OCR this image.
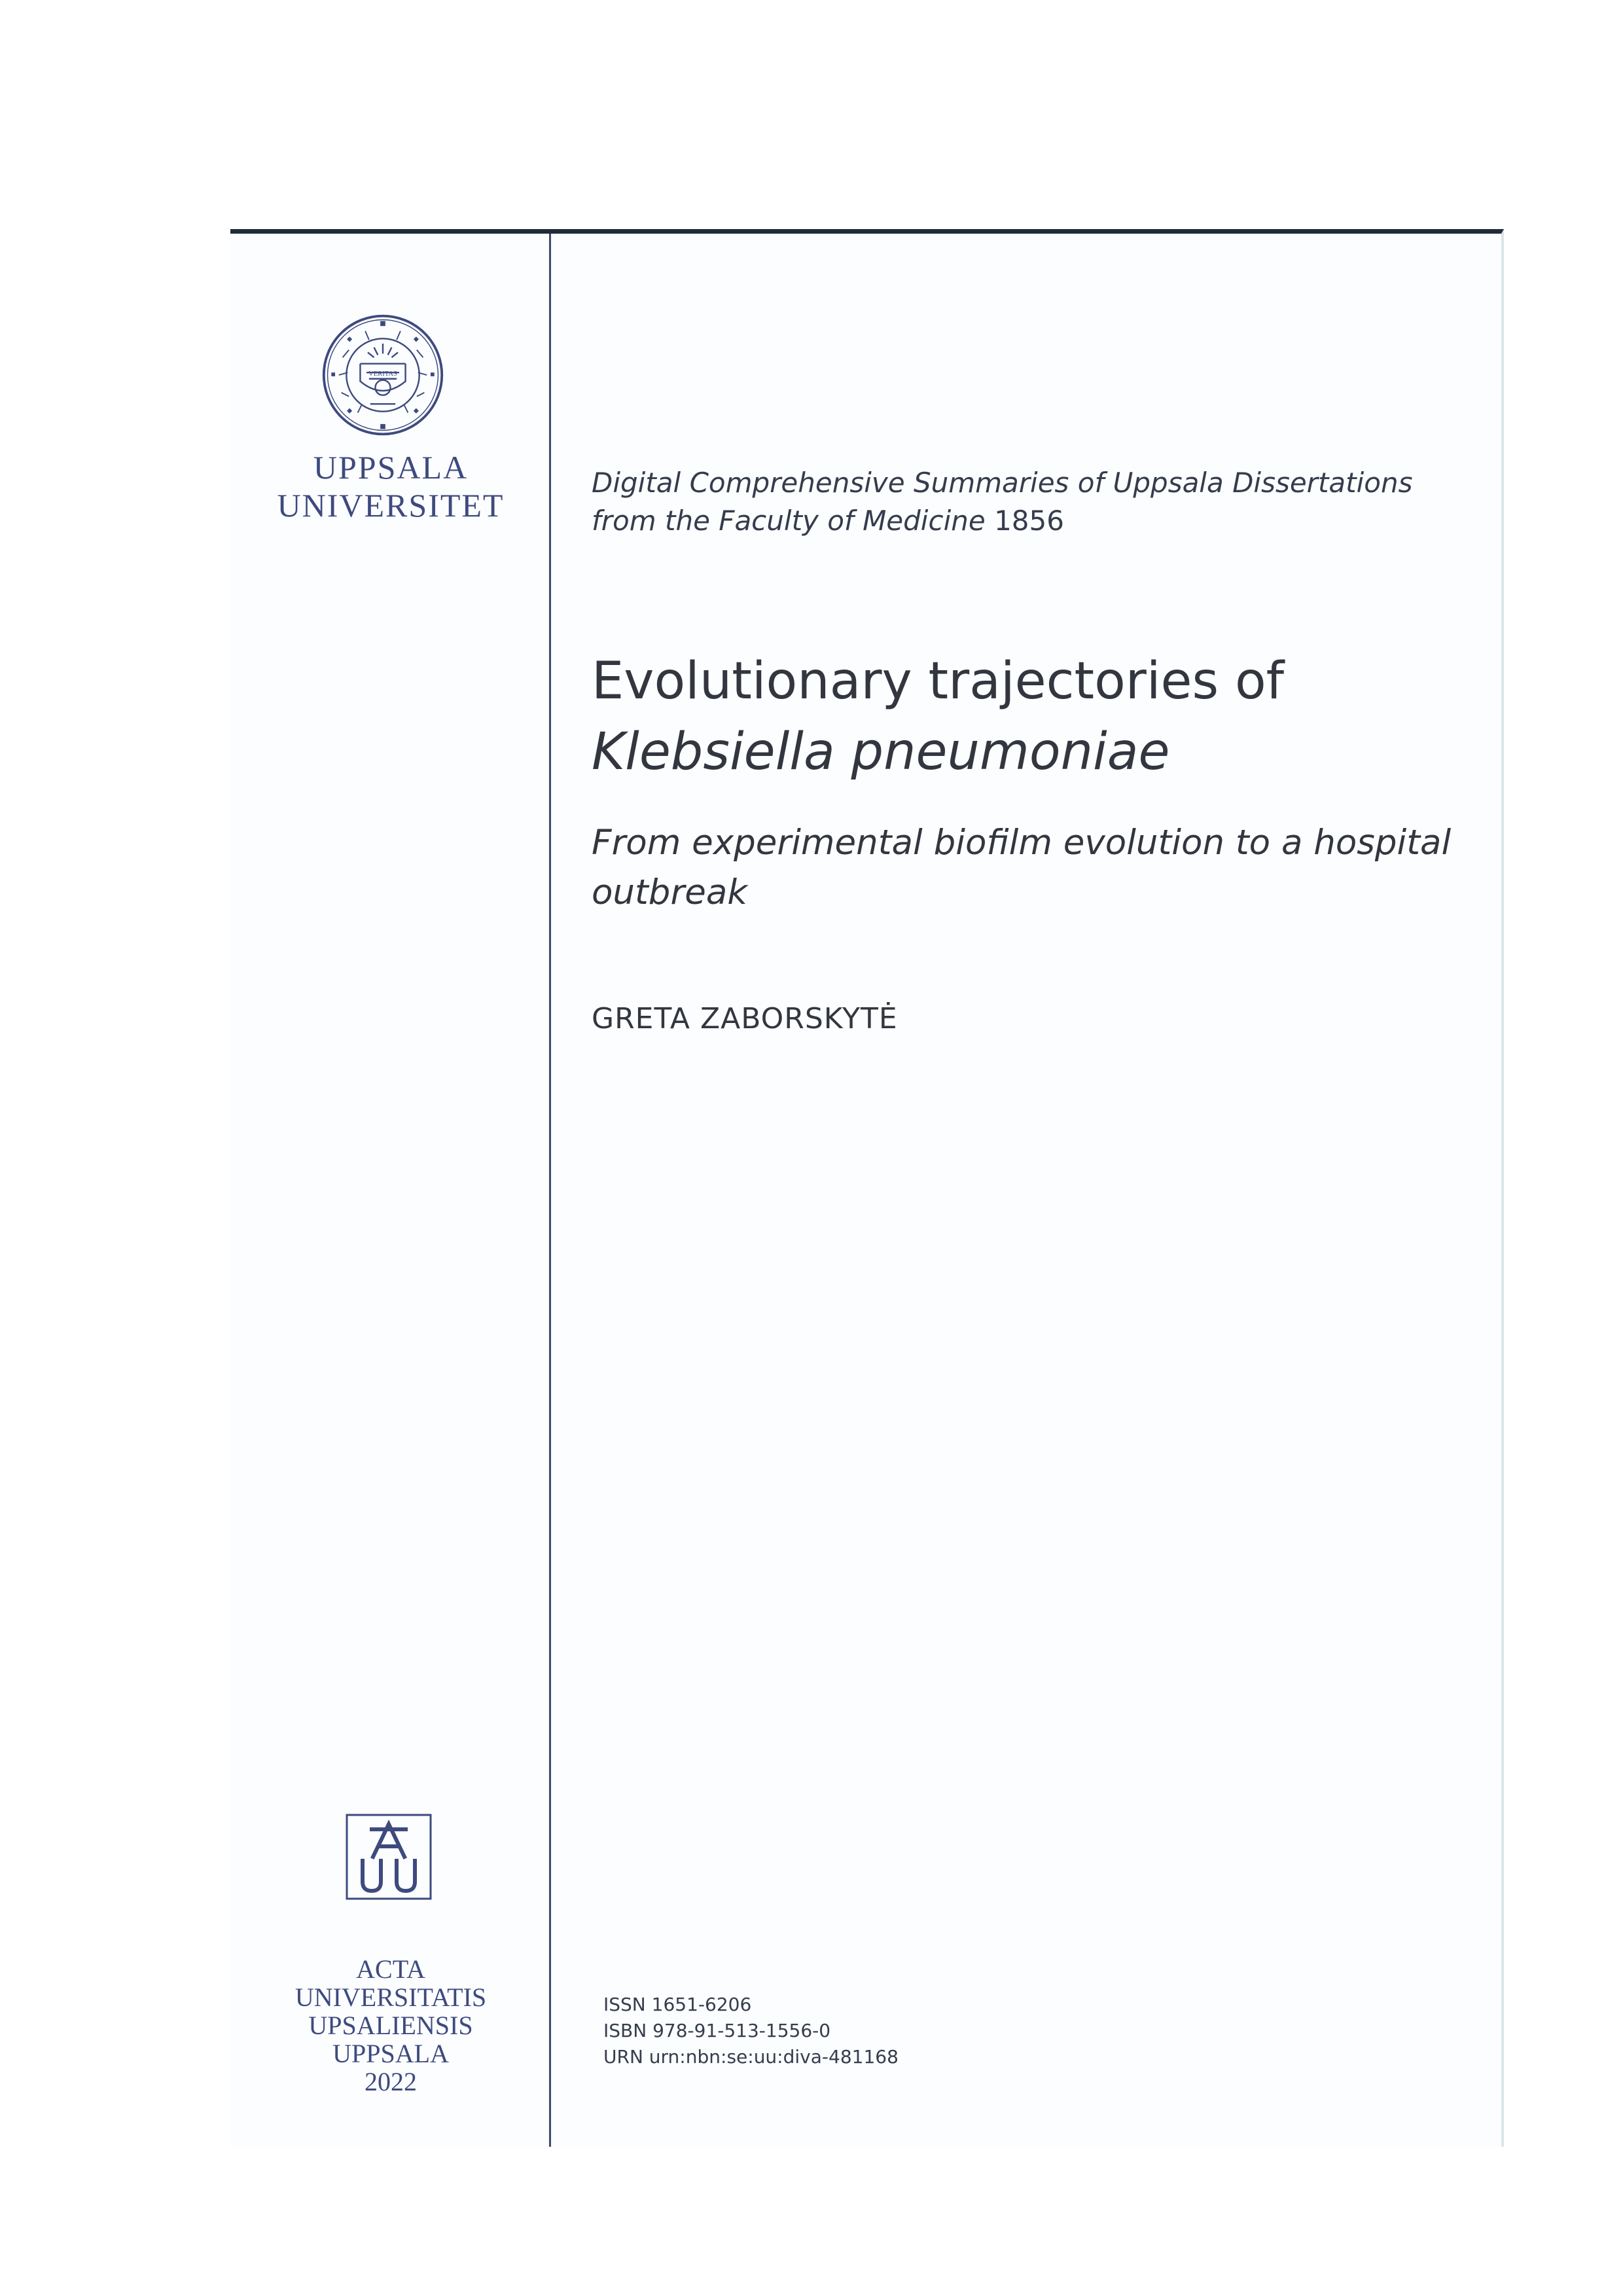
VERITAS
UPPSALA
UNIVERSITET
ACTA
UNIVERSITATIS
UPSALIENSIS
UPPSALA
2022
Digital Comprehensive Summaries of Uppsala Dissertations
from the Faculty of Medicine 1856
Evolutionary trajectories of
Klebsiella pneumoniae
From experimental biofilm evolution to a hospital outbreak
GRETA ZABORSKYTĖ
ISSN 1651-6206
ISBN 978-91-513-1556-0
URN urn:nbn:se:uu:diva-481168
